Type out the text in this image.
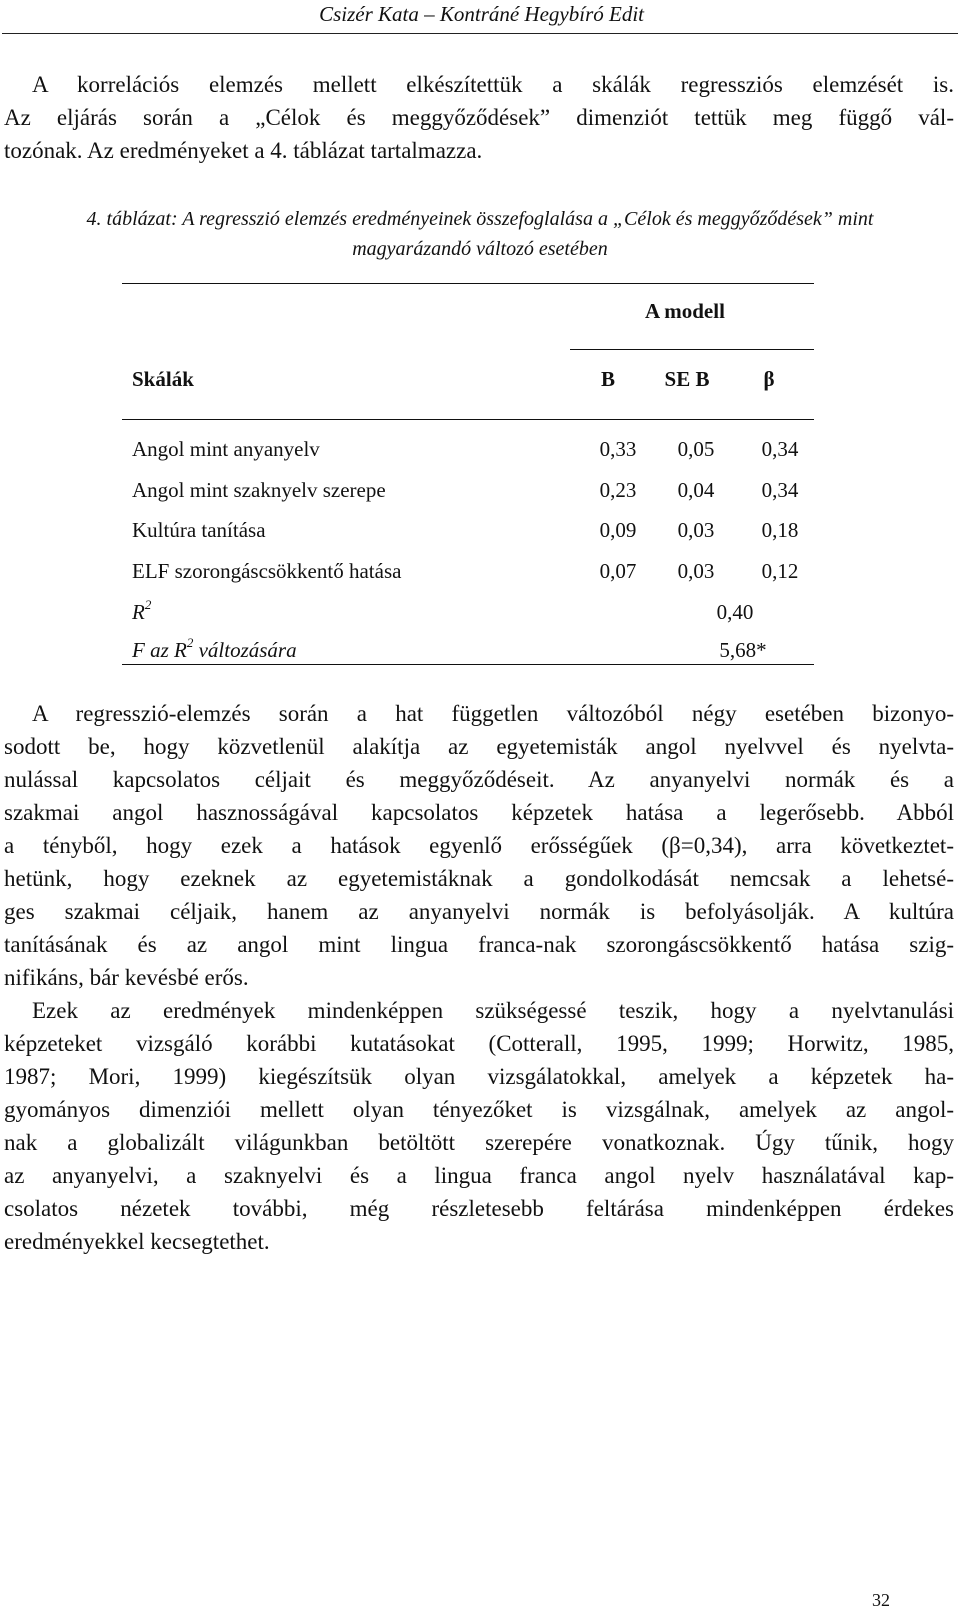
Csizér Kata – Kontráné Hegybíró Edit
A korrelációs elemzés mellett elkészítettük a skálák regressziós elemzését is.
Az eljárás során a „Célok és meggyőződések” dimenziót tettük meg függő vál-
tozónak. Az eredményeket a 4. táblázat tartalmazza.
4. táblázat: A regresszió elemzés eredményeinek összefoglalása a „Célok és meggyőződések” mint
magyarázandó változó esetében
A modell
Skálák	B	SE B	β
Angol mint anyanyelv	0,33	0,05	0,34
Angol mint szaknyelv szerepe	0,23	0,04	0,34
Kultúra tanítása	0,09	0,03	0,18
ELF szorongáscsökkentő hatása	0,07	0,03	0,12
$R^2$	0,40
F az $R^2$ változására	5,68*
A regresszió-elemzés során a hat független változóból négy esetében bizonyo-
sodott be, hogy közvetlenül alakítja az egyetemisták angol nyelvvel és nyelvta-
nulással kapcsolatos céljait és meggyőződéseit. Az anyanyelvi normák és a
szakmai angol hasznosságával kapcsolatos képzetek hatása a legerősebb. Abból
a tényből, hogy ezek a hatások egyenlő erősségűek (β=0,34), arra következtet-
hetünk, hogy ezeknek az egyetemistáknak a gondolkodását nemcsak a lehetsé-
ges szakmai céljaik, hanem az anyanyelvi normák is befolyásolják. A kultúra
tanításának és az angol mint lingua franca-nak szorongáscsökkentő hatása szig-
nifikáns, bár kevésbé erős.
Ezek az eredmények mindenképpen szükségessé teszik, hogy a nyelvtanulási
képzeteket vizsgáló korábbi kutatásokat (Cotterall, 1995, 1999; Horwitz, 1985,
1987; Mori, 1999) kiegészítsük olyan vizsgálatokkal, amelyek a képzetek ha-
gyományos dimenziói mellett olyan tényezőket is vizsgálnak, amelyek az angol-
nak a globalizált világunkban betöltött szerepére vonatkoznak. Úgy tűnik, hogy
az anyanyelvi, a szaknyelvi és a lingua franca angol nyelv használatával kap-
csolatos nézetek további, még részletesebb feltárása mindenképpen érdekes
eredményekkel kecsegtethet.
32
